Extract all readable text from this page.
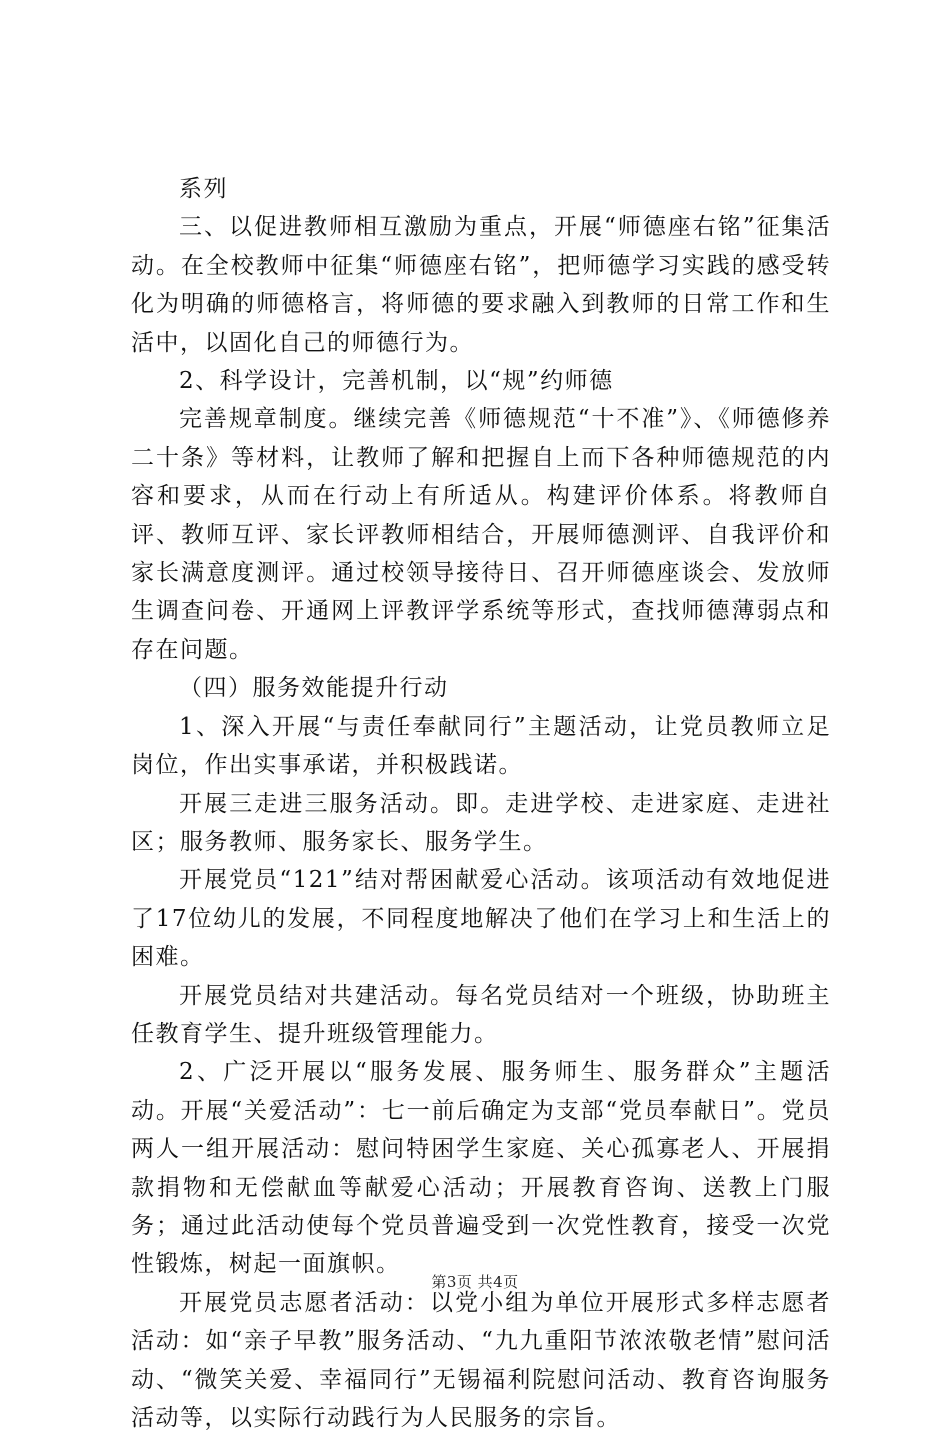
系列

三、以促进教师相互激励为重点，开展“师德座右铭”征集活动。在全校教师中征集“师德座右铭”，把师德学习实践的感受转化为明确的师德格言，将师德的要求融入到教师的日常工作和生活中，以固化自己的师德行为。

2、科学设计，完善机制，以“规”约师德

完善规章制度。继续完善《师德规范“十不准”》、《师德修养二十条》等材料，让教师了解和把握自上而下各种师德规范的内容和要求，从而在行动上有所适从。构建评价体系。将教师自评、教师互评、家长评教师相结合，开展师德测评、自我评价和家长满意度测评。通过校领导接待日、召开师德座谈会、发放师生调查问卷、开通网上评教评学系统等形式，查找师德薄弱点和存在问题。

（四）服务效能提升行动

1、深入开展“与责任奉献同行”主题活动，让党员教师立足岗位，作出实事承诺，并积极践诺。

开展三走进三服务活动。即。走进学校、走进家庭、走进社区；服务教师、服务家长、服务学生。

开展党员“121”结对帮困献爱心活动。该项活动有效地促进了17位幼儿的发展，不同程度地解决了他们在学习上和生活上的困难。

开展党员结对共建活动。每名党员结对一个班级，协助班主任教育学生、提升班级管理能力。

2、广泛开展以“服务发展、服务师生、服务群众”主题活动。开展“关爱活动”：七一前后确定为支部“党员奉献日”。党员两人一组开展活动：慰问特困学生家庭、关心孤寡老人、开展捐款捐物和无偿献血等献爱心活动；开展教育咨询、送教上门服务；通过此活动使每个党员普遍受到一次党性教育，接受一次党性锻炼，树起一面旗帜。

开展党员志愿者活动：以党小组为单位开展形式多样志愿者活动：如“亲子早教”服务活动、“九九重阳节浓浓敬老情”慰问活动、“微笑关爱、幸福同行”无锡福利院慰问活动、教育咨询服务活动等，以实际行动践行为人民服务的宗旨。

第3页 共4页
